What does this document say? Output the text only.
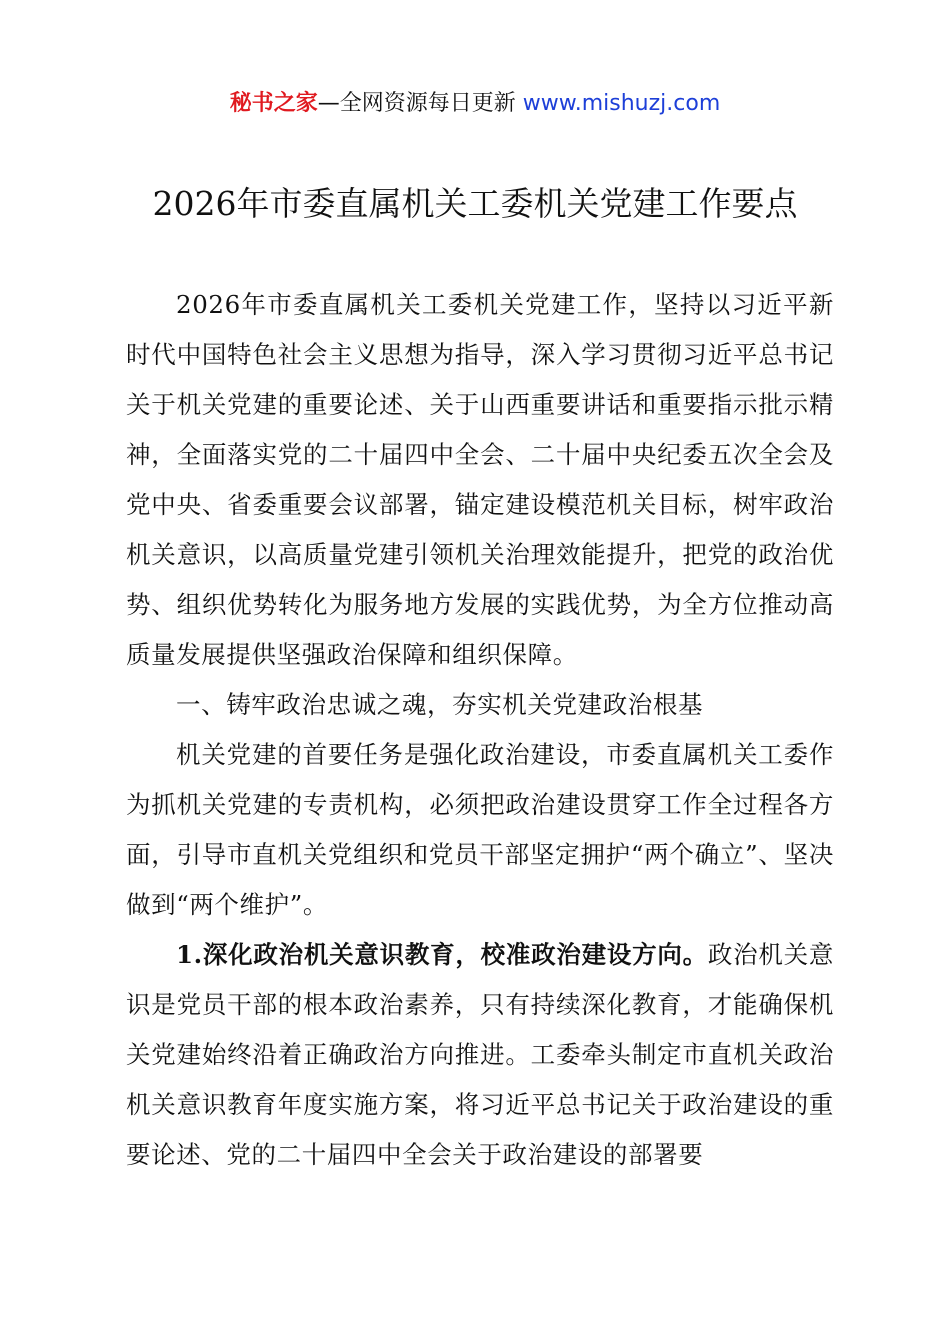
秘书之家—全网资源每日更新 www.mishuzj.com
2026年市委直属机关工委机关党建工作要点

2026年市委直属机关工委机关党建工作，坚持以习近平新时代中国特色社会主义思想为指导，深入学习贯彻习近平总书记关于机关党建的重要论述、关于山西重要讲话和重要指示批示精神，全面落实党的二十届四中全会、二十届中央纪委五次全会及党中央、省委重要会议部署，锚定建设模范机关目标，树牢政治机关意识，以高质量党建引领机关治理效能提升，把党的政治优势、组织优势转化为服务地方发展的实践优势，为全方位推动高质量发展提供坚强政治保障和组织保障。

一、铸牢政治忠诚之魂，夯实机关党建政治根基

机关党建的首要任务是强化政治建设，市委直属机关工委作为抓机关党建的专责机构，必须把政治建设贯穿工作全过程各方面，引导市直机关党组织和党员干部坚定拥护“两个确立”、坚决做到“两个维护”。

1.深化政治机关意识教育，校准政治建设方向。政治机关意识是党员干部的根本政治素养，只有持续深化教育，才能确保机关党建始终沿着正确政治方向推进。工委牵头制定市直机关政治机关意识教育年度实施方案，将习近平总书记关于政治建设的重要论述、党的二十届四中全会关于政治建设的部署要
